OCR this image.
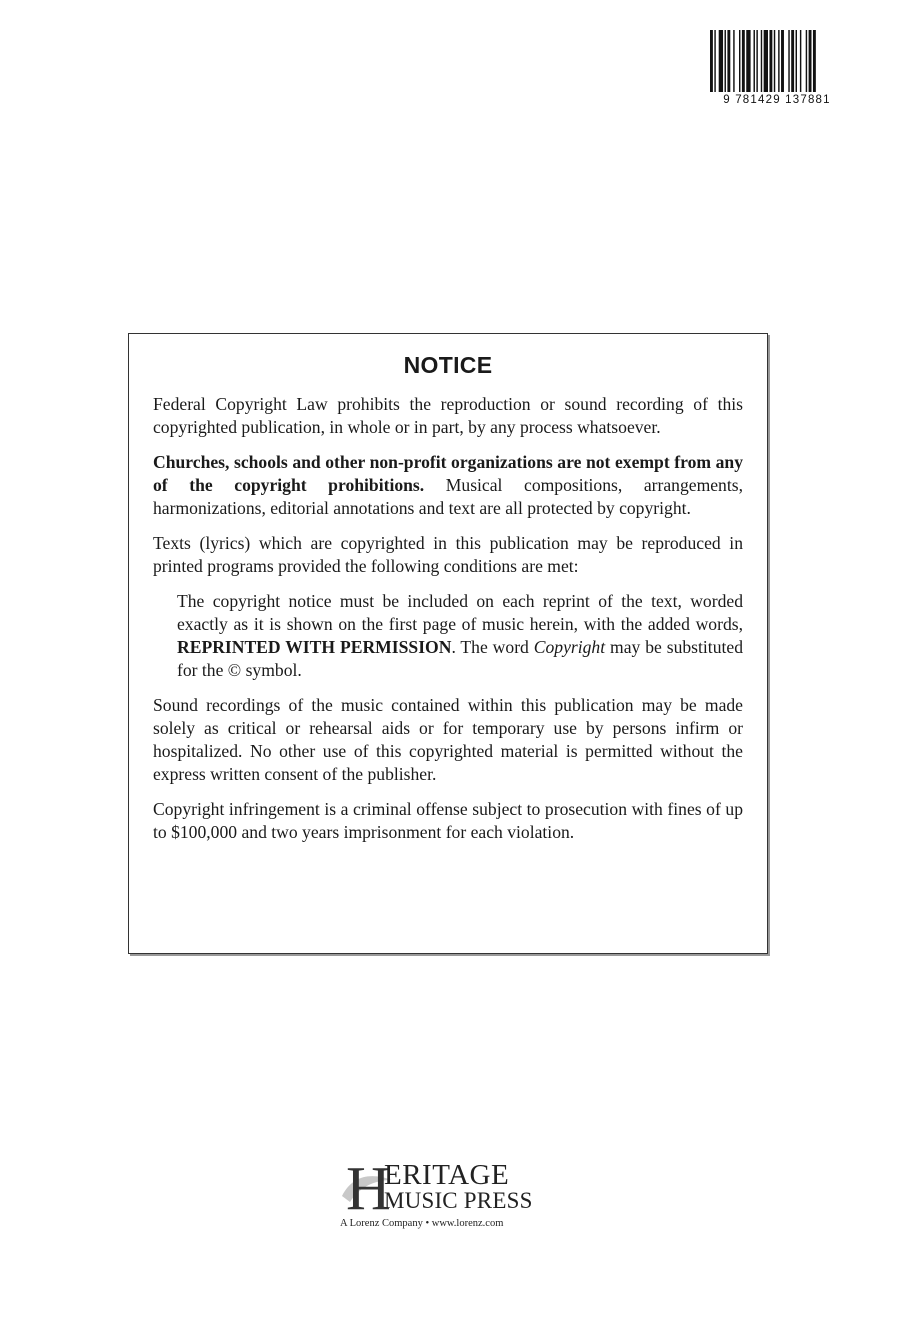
9 781429 137881
NOTICE

Federal Copyright Law prohibits the reproduction or sound recording of this copyrighted publication, in whole or in part, by any process whatsoever.

Churches, schools and other non-profit organizations are not exempt from any of the copyright prohibitions. Musical compositions, arrangements, harmonizations, editorial annotations and text are all protected by copyright.

Texts (lyrics) which are copyrighted in this publication may be reproduced in printed programs provided the following conditions are met:

The copyright notice must be included on each reprint of the text, worded exactly as it is shown on the first page of music herein, with the added words, REPRINTED WITH PERMISSION. The word Copyright may be substituted for the © symbol.

Sound recordings of the music contained within this publication may be made solely as critical or rehearsal aids or for temporary use by persons infirm or hospitalized. No other use of this copyrighted material is permitted without the express written consent of the publisher.

Copyright infringement is a criminal offense subject to prosecution with fines of up to $100,000 and two years imprisonment for each violation.

H
ERITAGE
MUSIC PRESS
A Lorenz Company • www.lorenz.com
